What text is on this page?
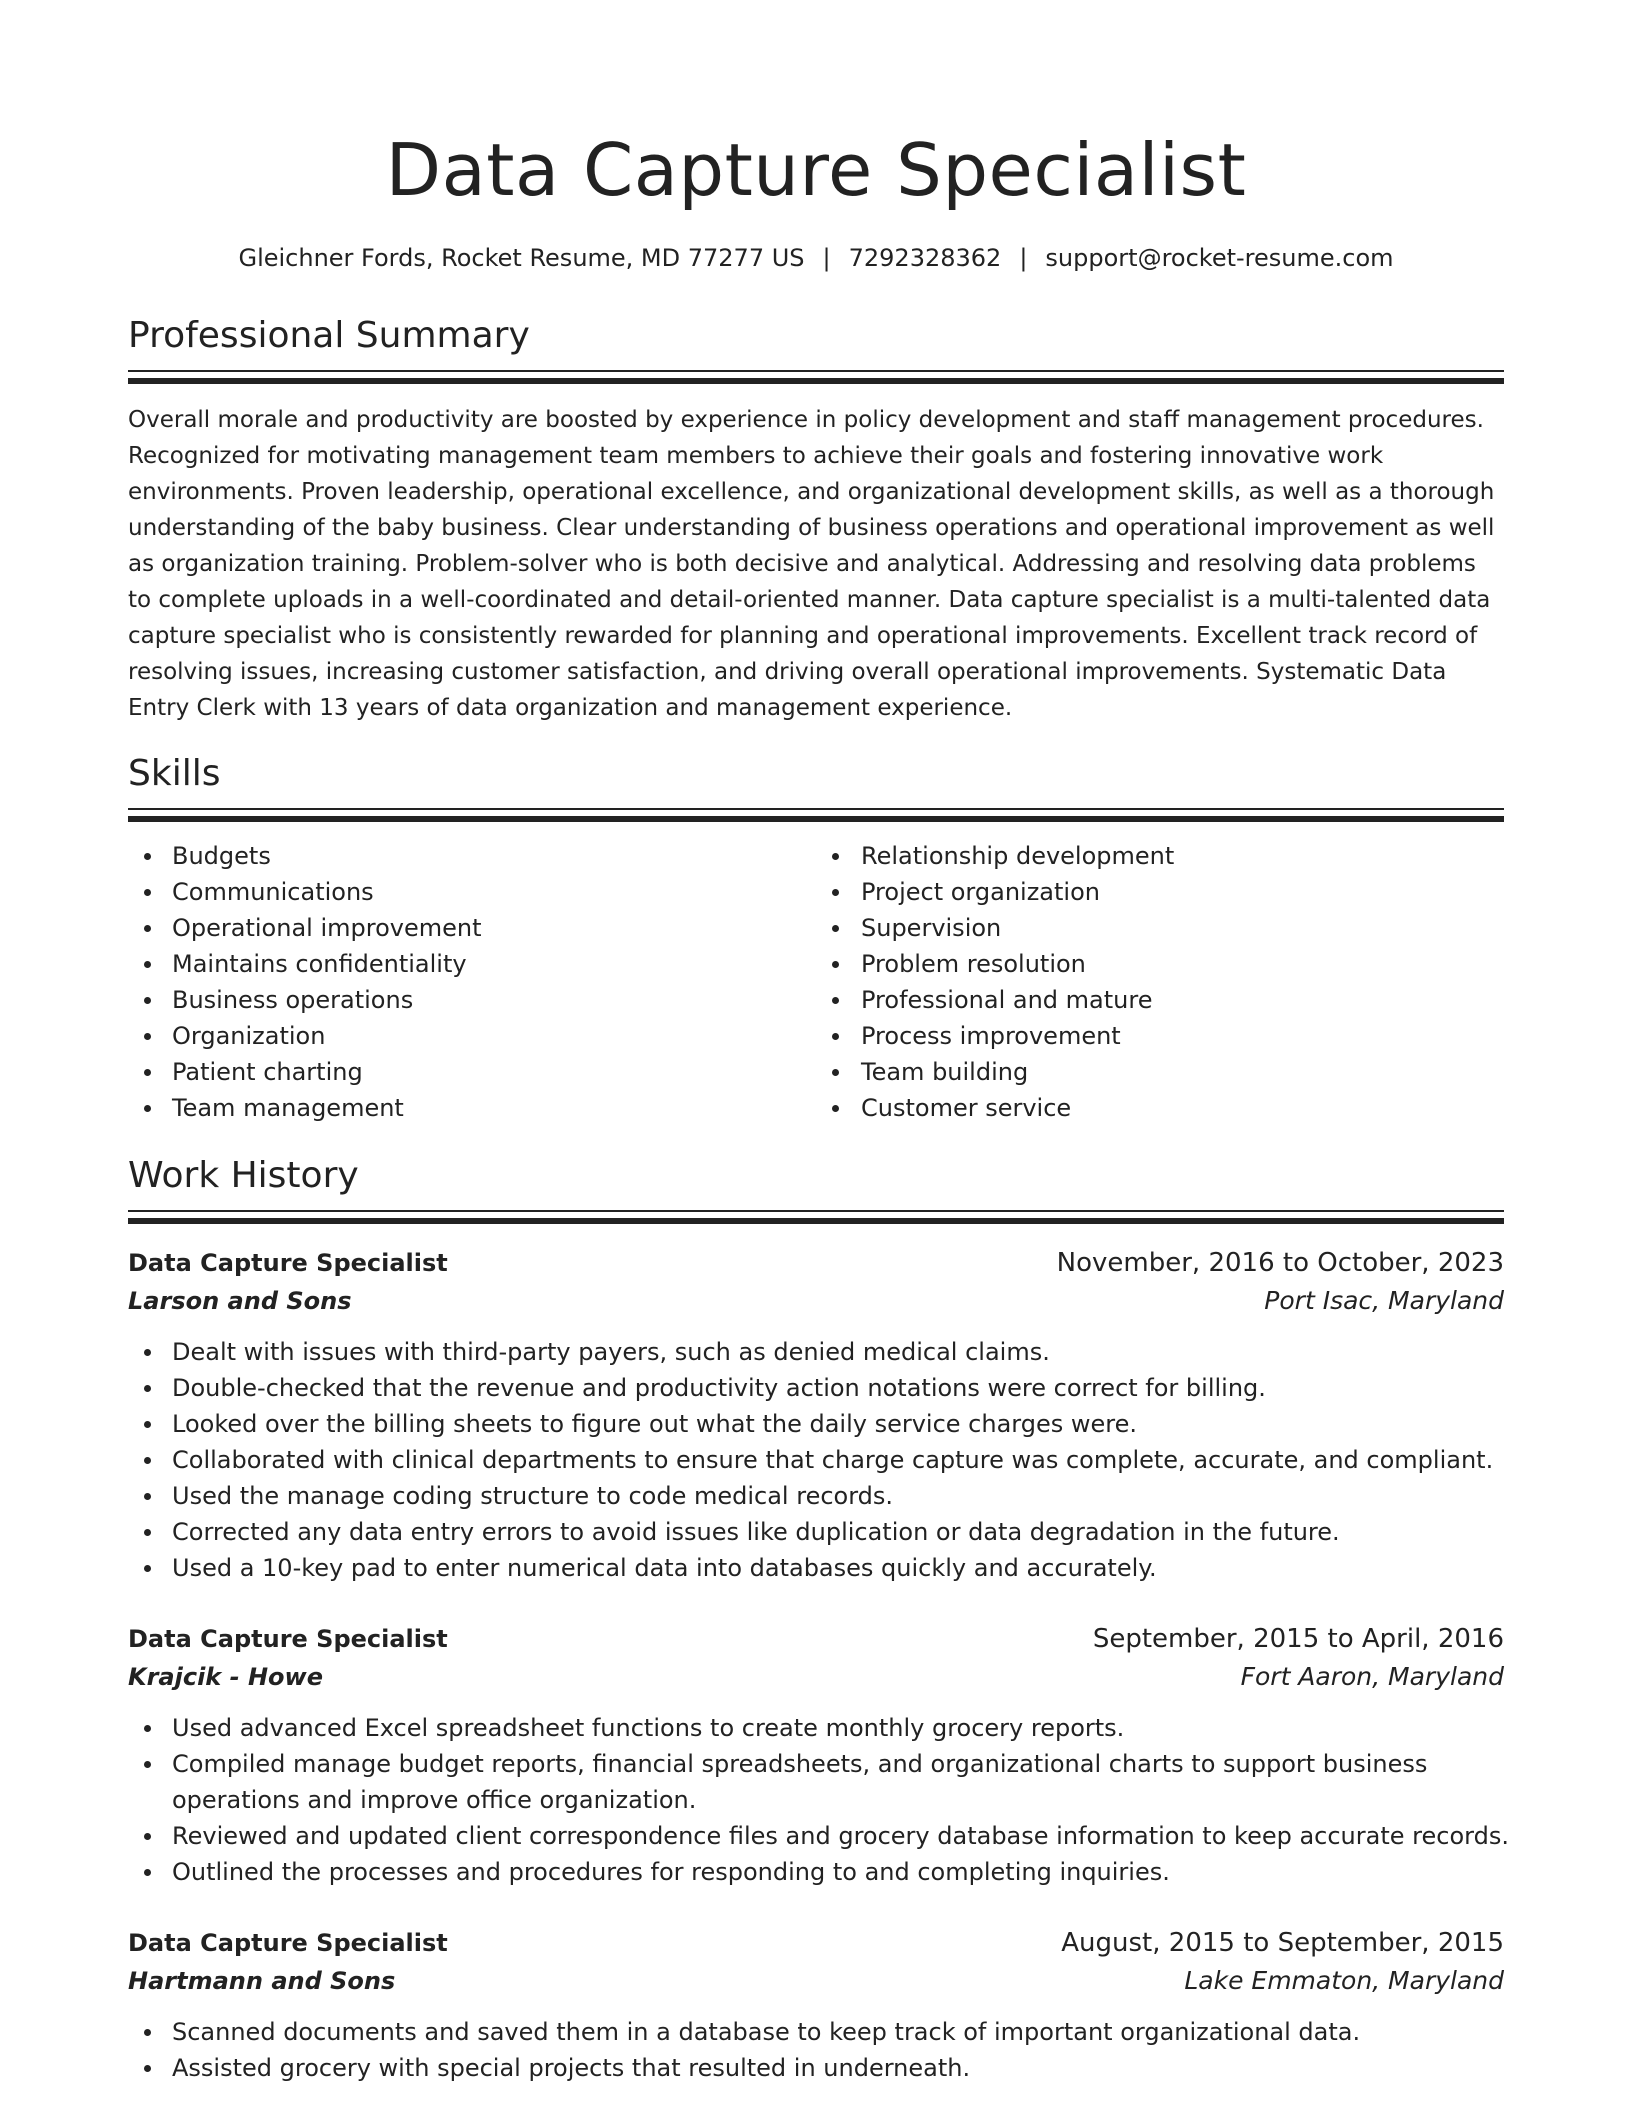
Data Capture Specialist
Gleichner Fords, Rocket Resume, MD 77277 US | 7292328362 | support@rocket-resume.com
Professional Summary
Overall morale and productivity are boosted by experience in policy development and staff management procedures.
Recognized for motivating management team members to achieve their goals and fostering innovative work
environments. Proven leadership, operational excellence, and organizational development skills, as well as a thorough
understanding of the baby business. Clear understanding of business operations and operational improvement as well
as organization training. Problem-solver who is both decisive and analytical. Addressing and resolving data problems
to complete uploads in a well-coordinated and detail-oriented manner. Data capture specialist is a multi-talented data
capture specialist who is consistently rewarded for planning and operational improvements. Excellent track record of
resolving issues, increasing customer satisfaction, and driving overall operational improvements. Systematic Data
Entry Clerk with 13 years of data organization and management experience.
Skills
Budgets
Communications
Operational improvement
Maintains confidentiality
Business operations
Organization
Patient charting
Team management
Relationship development
Project organization
Supervision
Problem resolution
Professional and mature
Process improvement
Team building
Customer service
Work History
Data Capture Specialist	November, 2016 to October, 2023
Larson and Sons	Port Isac, Maryland
Dealt with issues with third-party payers, such as denied medical claims.
Double-checked that the revenue and productivity action notations were correct for billing.
Looked over the billing sheets to figure out what the daily service charges were.
Collaborated with clinical departments to ensure that charge capture was complete, accurate, and compliant.
Used the manage coding structure to code medical records.
Corrected any data entry errors to avoid issues like duplication or data degradation in the future.
Used a 10-key pad to enter numerical data into databases quickly and accurately.
Data Capture Specialist	September, 2015 to April, 2016
Krajcik - Howe	Fort Aaron, Maryland
Used advanced Excel spreadsheet functions to create monthly grocery reports.
Compiled manage budget reports, financial spreadsheets, and organizational charts to support business
operations and improve office organization.
Reviewed and updated client correspondence files and grocery database information to keep accurate records.
Outlined the processes and procedures for responding to and completing inquiries.
Data Capture Specialist	August, 2015 to September, 2015
Hartmann and Sons	Lake Emmaton, Maryland
Scanned documents and saved them in a database to keep track of important organizational data.
Assisted grocery with special projects that resulted in underneath.
